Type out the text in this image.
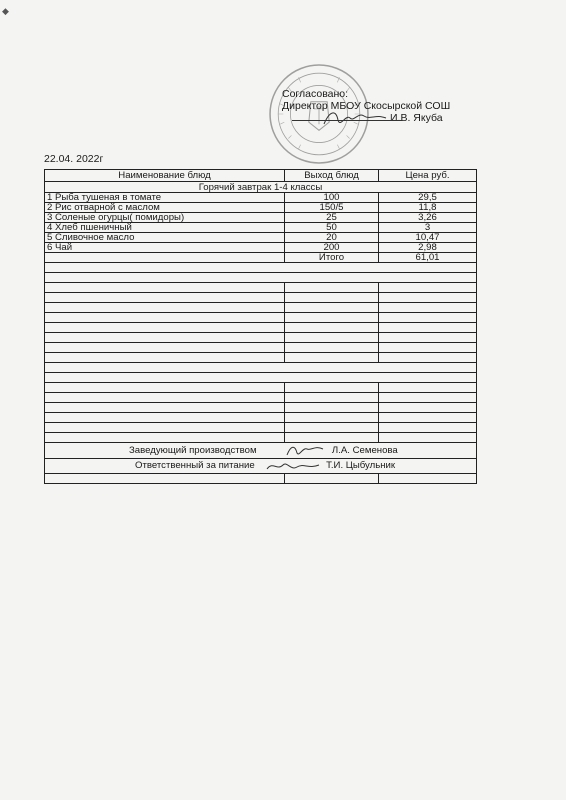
◆
Согласовано:
Директор МБОУ Скосырской СОШ
И.В. Якуба
22.04. 2022г
Наименование блюд	Выход блюд	Цена руб.
Горячий завтрак 1-4 классы		
1 Рыба тушеная в томате	100	29,5
2 Рис отварной с маслом	150/5	11,8
3 Соленые огурцы( помидоры)	25	3,26
4 Хлеб пшеничный	50	3
5 Сливочное масло	20	10,47
6 Чай	200	2,98
	Итого	61,01

Заведующий производством Л.А. Семенова		
Ответственный за питание Т.И. Цыбульник		
